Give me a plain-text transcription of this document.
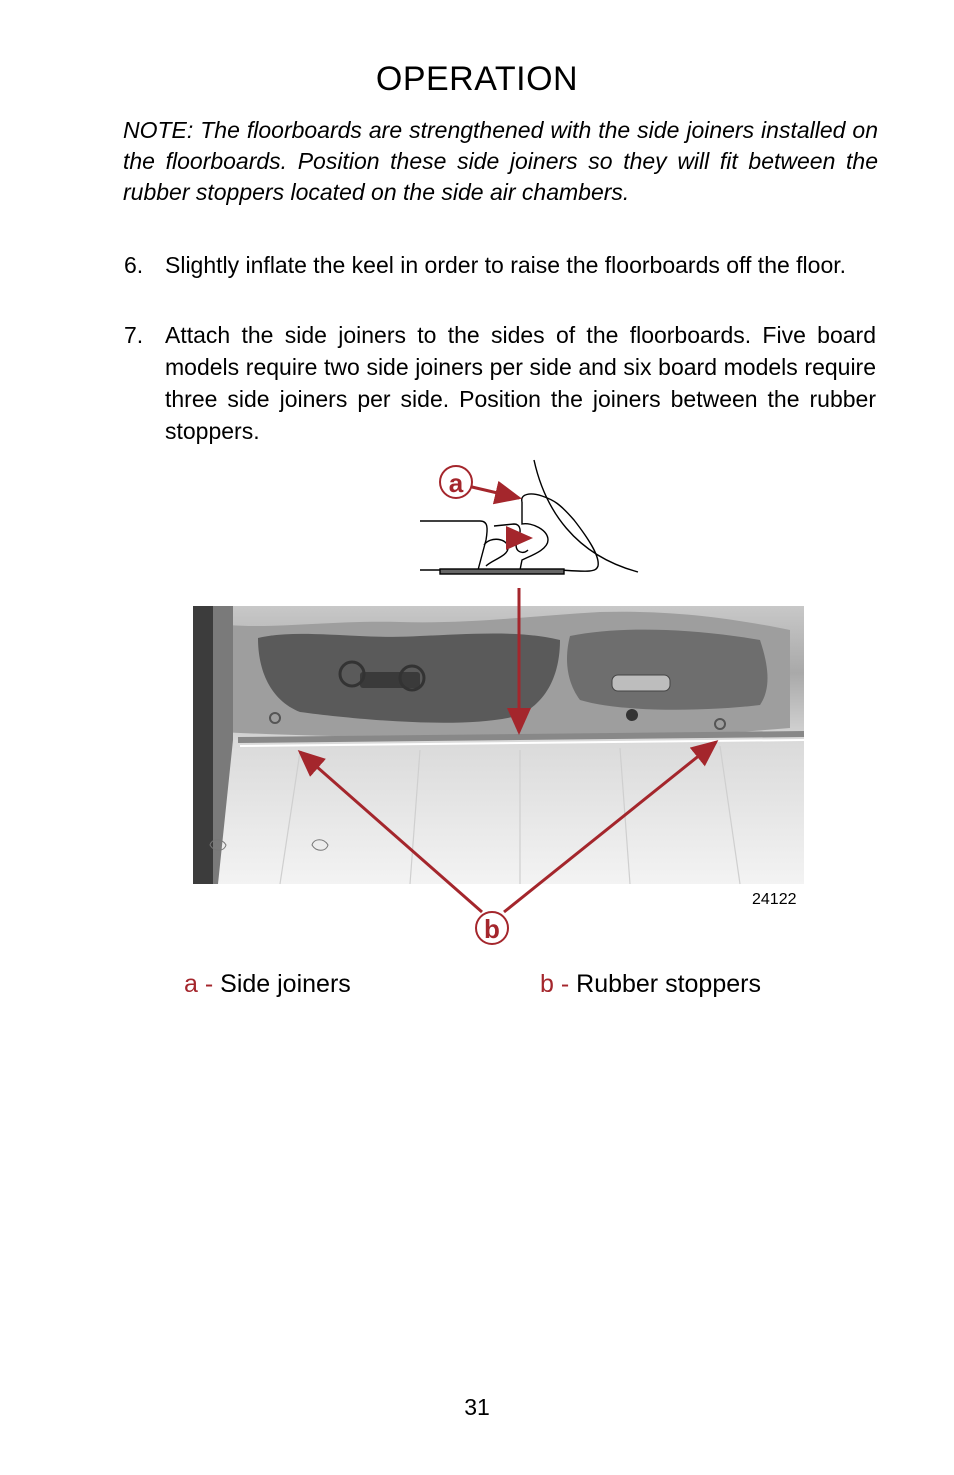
OPERATION
NOTE: The floorboards are strengthened with the side joiners installed on the floorboards. Position these side joiners so they will fit between the rubber stoppers located on the side air chambers.
6. Slightly inflate the keel in order to raise the floorboards off the floor.
7. Attach the side joiners to the sides of the floorboards. Five board models require two side joiners per side and six board models require three side joiners per side. Position the joiners between the rubber stoppers.
a
b
24122
a - Side joiners	b - Rubber stoppers
31
